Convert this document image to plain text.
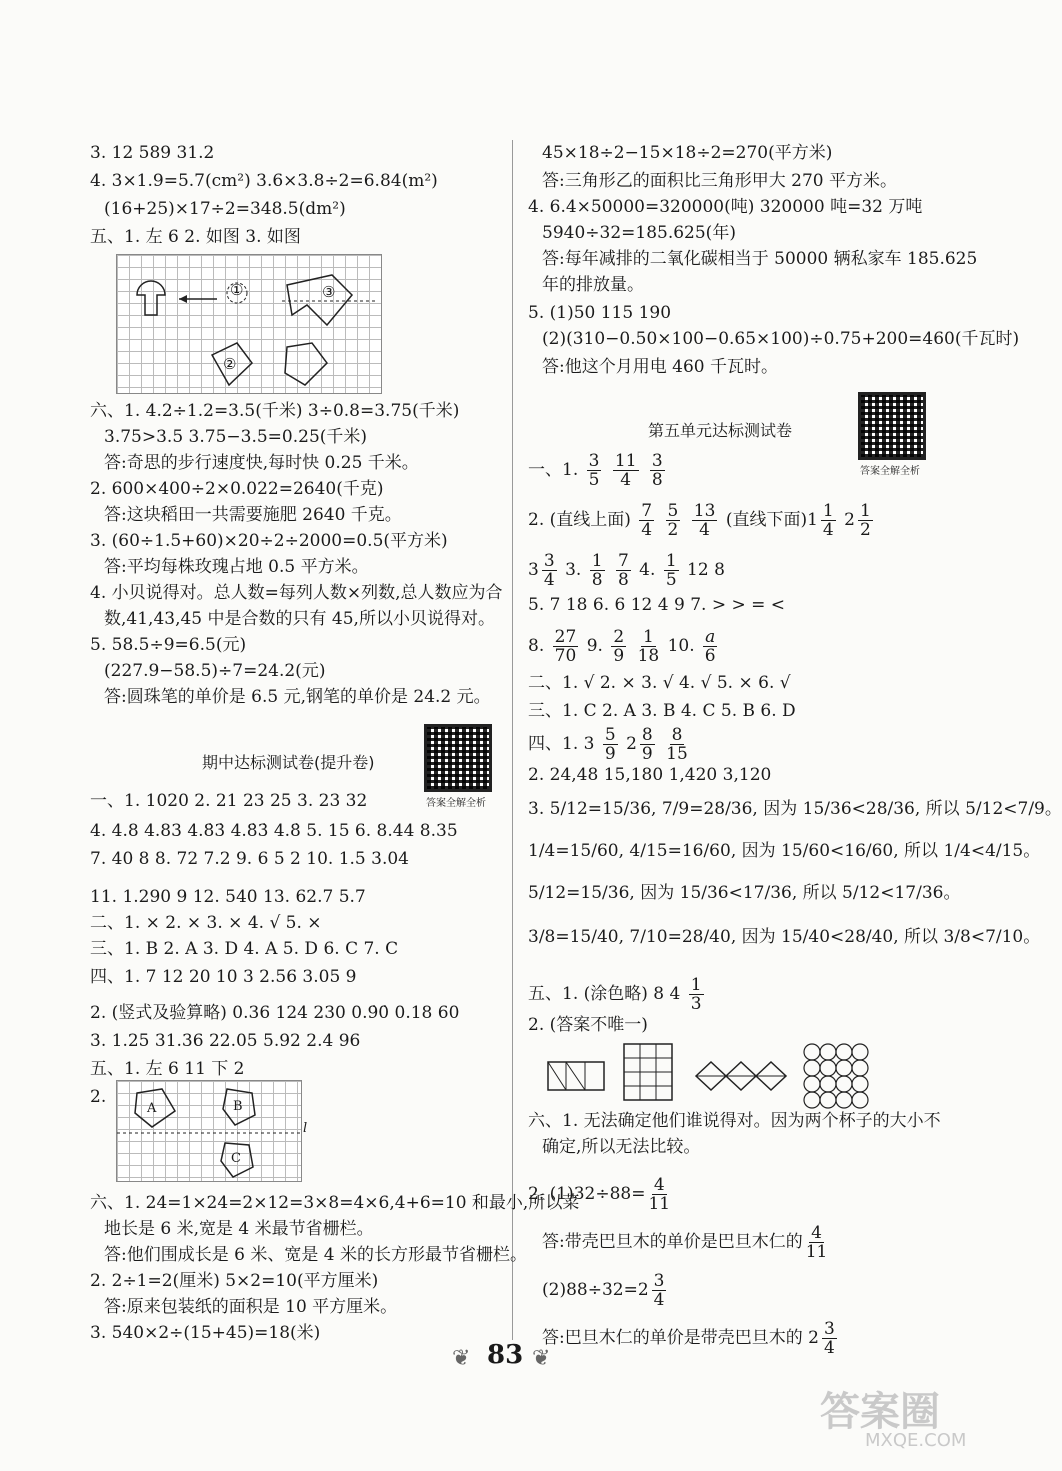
3. 12 589 31.2
4. 3×1.9=5.7(cm²) 3.6×3.8÷2=6.84(m²)
(16+25)×17÷2=348.5(dm²)
五、1. 左 6 2. 如图 3. 如图
①
②
③
六、1. 4.2÷1.2=3.5(千米) 3÷0.8=3.75(千米)
3.75>3.5 3.75−3.5=0.25(千米)
答:奇思的步行速度快,每时快 0.25 千米。
2. 600×400÷2×0.022=2640(千克)
答:这块稻田一共需要施肥 2640 千克。
3. (60÷1.5+60)×20÷2÷2000=0.5(平方米)
答:平均每株玫瑰占地 0.5 平方米。
4. 小贝说得对。总人数=每列人数×列数,总人数应为合
数,41,43,45 中是合数的只有 45,所以小贝说得对。
5. 58.5÷9=6.5(元)
(227.9−58.5)÷7=24.2(元)
答:圆珠笔的单价是 6.5 元,钢笔的单价是 24.2 元。
期中达标测试卷(提升卷)
答案全解全析
一、1. 1020 2. 21 23 25 3. 23 32
4. 4.8 4.83 4.8̇3̇ 4.8̇3̇ 4.8̇ 5. 15 6. 8.44 8.35
7. 40 8 8. 72 7.2 9. 6 5 2 10. 1.5 3.04
11. 1.290 9 12. 540 13. 62.7 5.7
二、1. × 2. × 3. × 4. √ 5. ×
三、1. B 2. A 3. D 4. A 5. D 6. C 7. C
四、1. 7 12 20 10 3 2.56 3.05 9
2. (竖式及验算略) 0.36 124 230 0.9̇0̇ 0.18 60
3. 1.25 31.36 22.05 5.92 2.4 96
五、1. 左 6 11 下 2
2.
A	B
C
l
六、1. 24=1×24=2×12=3×8=4×6,4+6=10 和最小,所以菜
地长是 6 米,宽是 4 米最节省栅栏。
答:他们围成长是 6 米、宽是 4 米的长方形最节省栅栏。
2. 2÷1=2(厘米) 5×2=10(平方厘米)
答:原来包装纸的面积是 10 平方厘米。
3. 540×2÷(15+45)=18(米)
45×18÷2−15×18÷2=270(平方米)
答:三角形乙的面积比三角形甲大 270 平方米。
4. 6.4×50000=320000(吨) 320000 吨=32 万吨
5940÷32=185.625(年)
答:每年减排的二氧化碳相当于 50000 辆私家车 185.625
年的排放量。
5. (1)50 115 190
(2)(310−0.50×100−0.65×100)÷0.75+200=460(千瓦时)
答:他这个月用电 460 千瓦时。
第五单元达标测试卷
答案全解全析
一、1. $\frac{3}{5}$
$\frac{11}{4}$
$\frac{3}{8}$
2. (直线上面) $\frac{7}{4}$
$\frac{5}{2}$
$\frac{13}{4}$ (直线下面)$1 \frac{1}{4} 2 \frac{1}{2}$
$3 \frac{3}{4} 3$. $\frac{1}{8}$
$\frac{7}{8} 4$. $\frac{1}{5} 12$ 8
5. 7 18 6. 6 12 4 9 7. > > = <
8. $\frac{27}{70} 9$. $\frac{2}{9}$
$\frac{1}{18} 10$. $\frac{a}{6}$
二、1. √ 2. × 3. √ 4. √ 5. × 6. √
三、1. C 2. A 3. B 4. C 5. B 6. D
四、1. $3 \frac{5}{9} 2 \frac{8}{9}$
$\frac{8}{15}$
2. 24,48 15,180 1,420 3,120
3. 5/12=15/36, 7/9=28/36, 因为 15/36<28/36, 所以 5/12<7/9。
1/4=15/60, 4/15=16/60, 因为 15/60<16/60, 所以 1/4<4/15。
5/12=15/36, 因为 15/36<17/36, 所以 5/12<17/36。
3/8=15/40, 7/10=28/40, 因为 15/40<28/40, 所以 3/8<7/10。
五、1. (涂色略) 8 $4 \frac{1}{3}$
2. (答案不唯一)
六、1. 无法确定他们谁说得对。因为两个杯子的大小不
确定,所以无法比较。
2. $(1)32\div 88= \frac{4}{11}$
答:带壳巴旦木的单价是巴旦木仁的 $\frac{4}{11}$
$(2)88\div 32=2 \frac{3}{4}$
答:巴旦木仁的单价是带壳巴旦木的 $2 \frac{3}{4}$
❦ 83 ❦
答案圈
MXQE.COM
